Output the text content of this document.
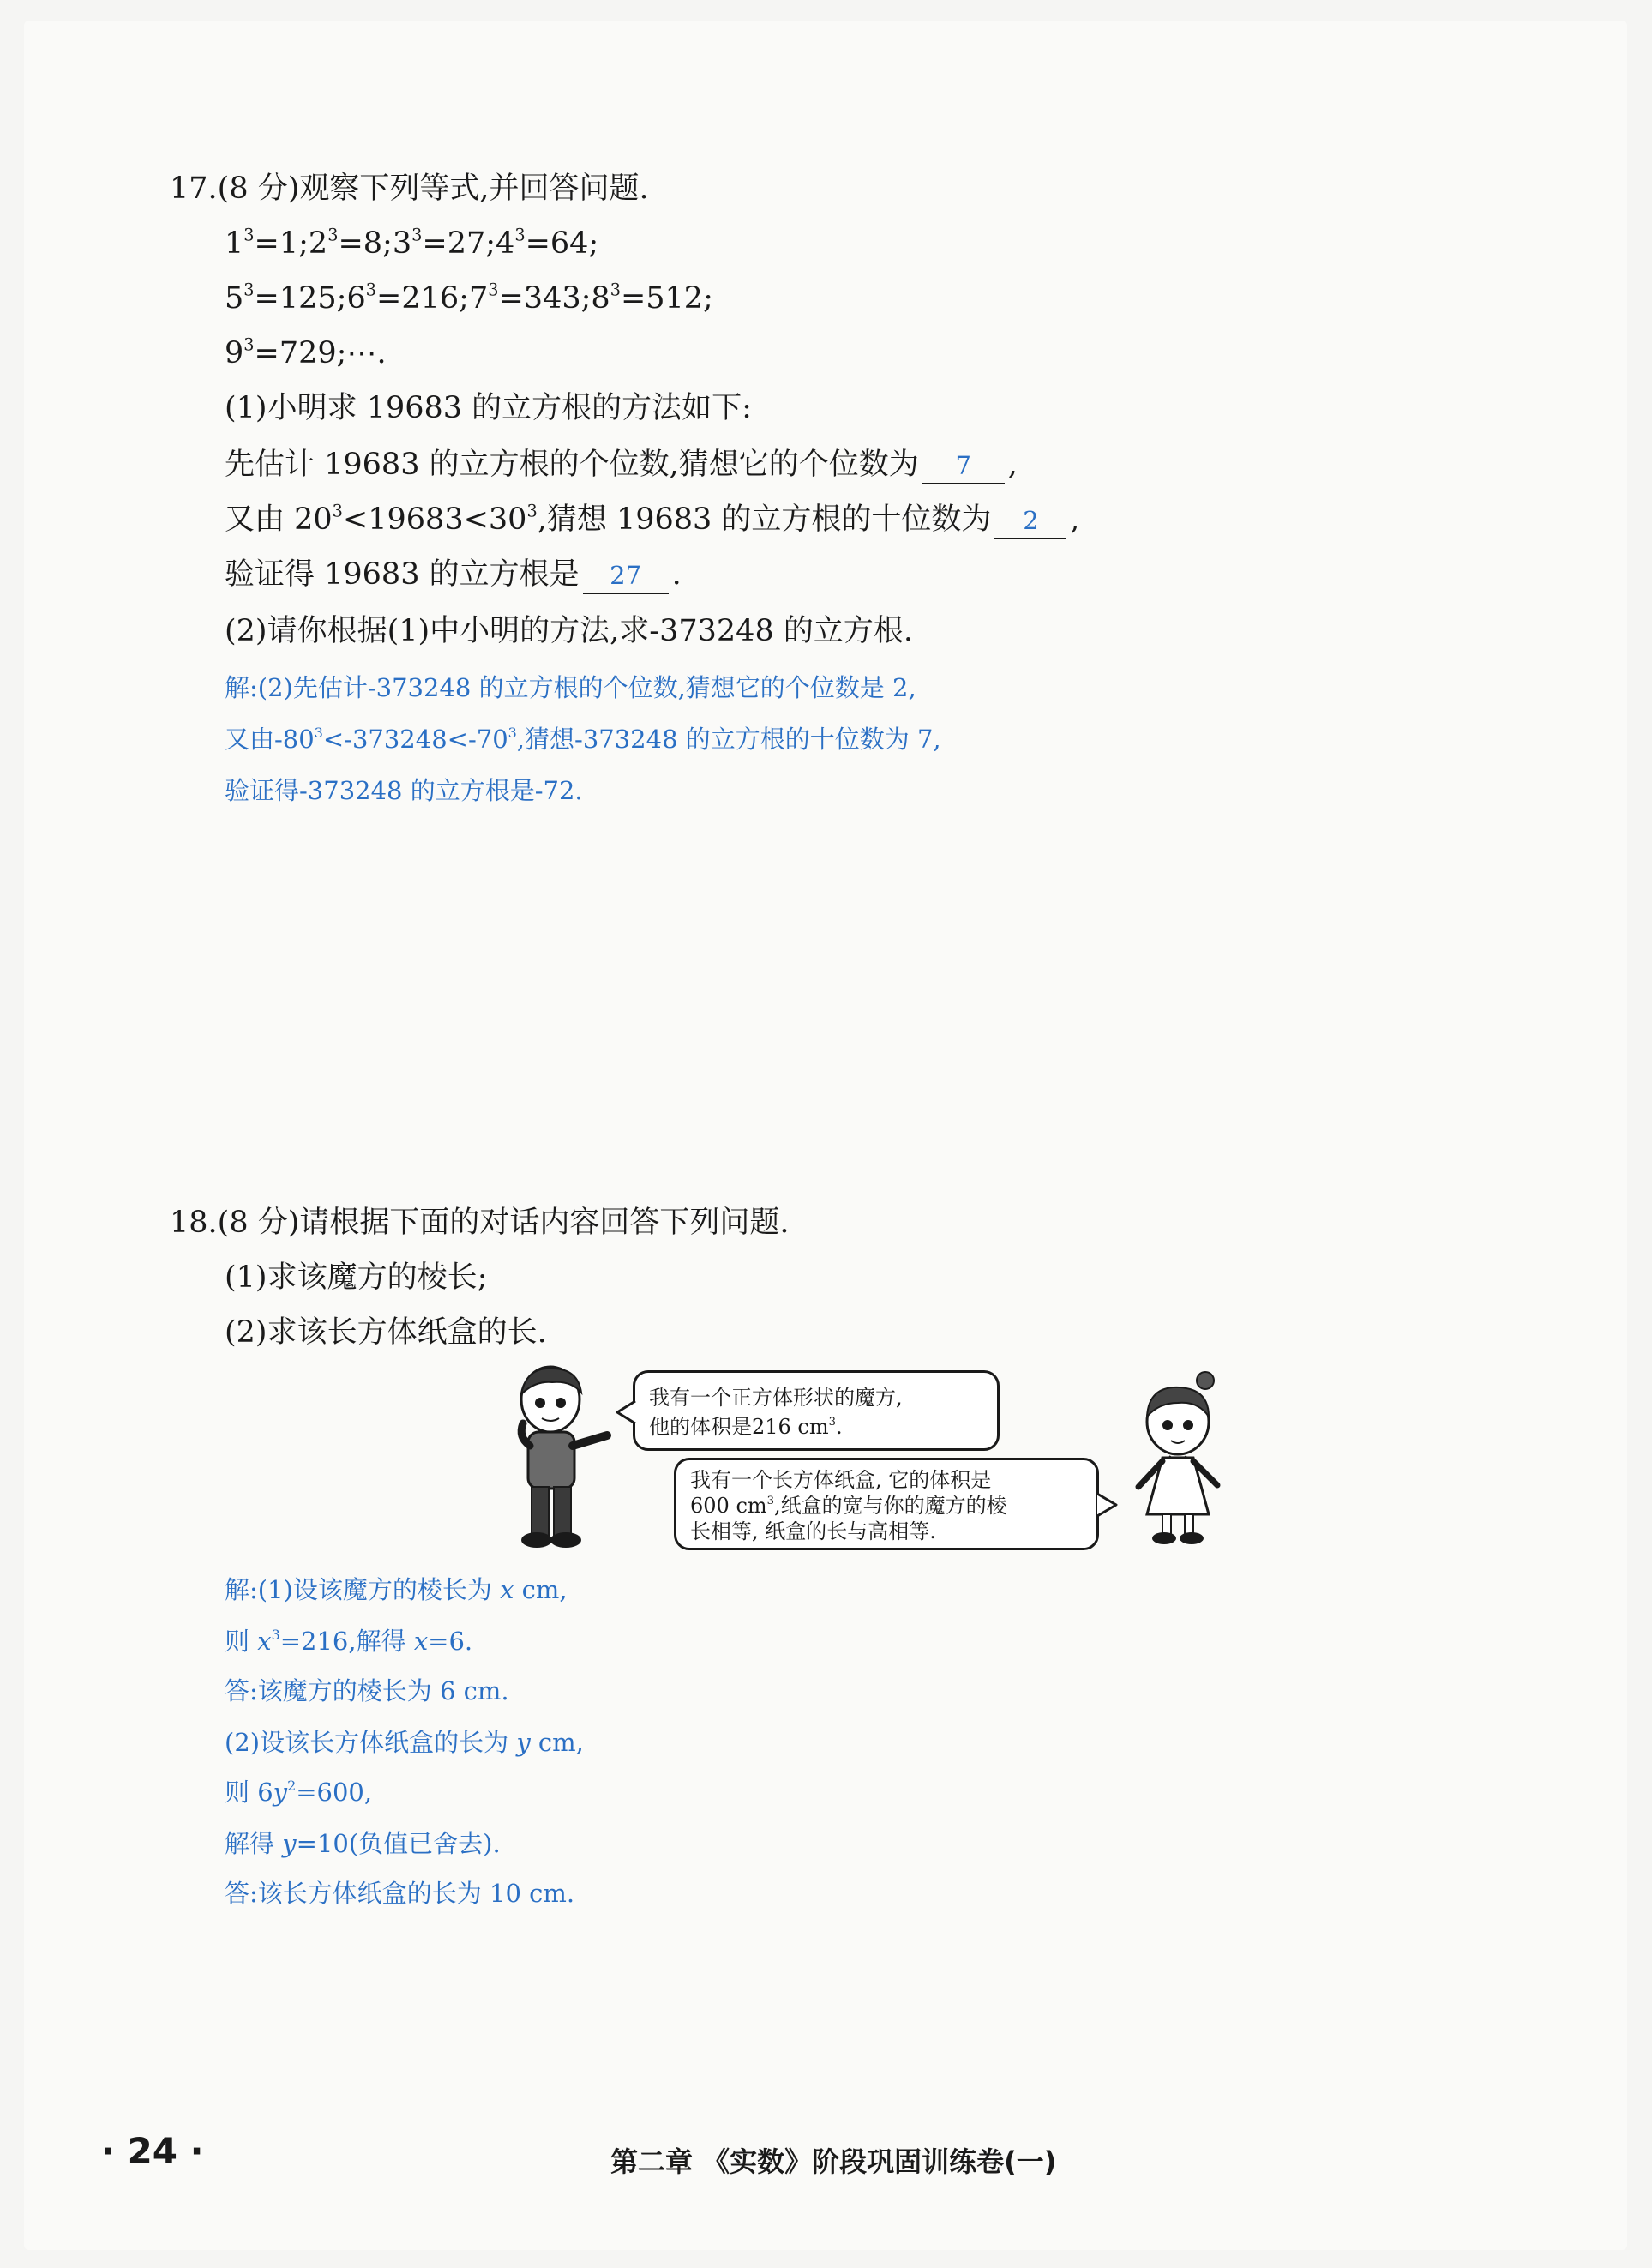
17.(8 分)观察下列等式,并回答问题.
$1^3=1;2^3=8;3^3=27;4^3=64$;
$5^3=125;6^3=216;7^3=343;8^3=512$;
$9^3=729;\cdots$.
(1)小明求 19683 的立方根的方法如下:
先估计 19683 的立方根的个位数,猜想它的个位数为 7 ,
又由 $20^3<19683<30^3$,猜想 19683 的立方根的十位数为 2 ,
验证得 19683 的立方根是 27 .
(2)请你根据(1)中小明的方法,求-373248 的立方根.
解:(2)先估计-373248 的立方根的个位数,猜想它的个位数是 2,
又由$-80^3<-373248<-70^3$,猜想-373248 的立方根的十位数为 7,
验证得-373248 的立方根是-72.
18.(8 分)请根据下面的对话内容回答下列问题.
(1)求该魔方的棱长;
(2)求该长方体纸盒的长.
我有一个正方体形状的魔方,
他的体积是216 $cm^3$.
我有一个长方体纸盒, 它的体积是
600 $cm^3$,纸盒的宽与你的魔方的棱
长相等, 纸盒的长与高相等.
解:(1)设该魔方的棱长为 x cm,
则 $x^3=216$,解得 x=6.
答:该魔方的棱长为 6 cm.
(2)设该长方体纸盒的长为 y cm,
则 $6y^2=600$,
解得 y=10(负值已舍去).
答:该长方体纸盒的长为 10 cm.
· 24 ·	第二章 《实数》阶段巩固训练卷(一)
